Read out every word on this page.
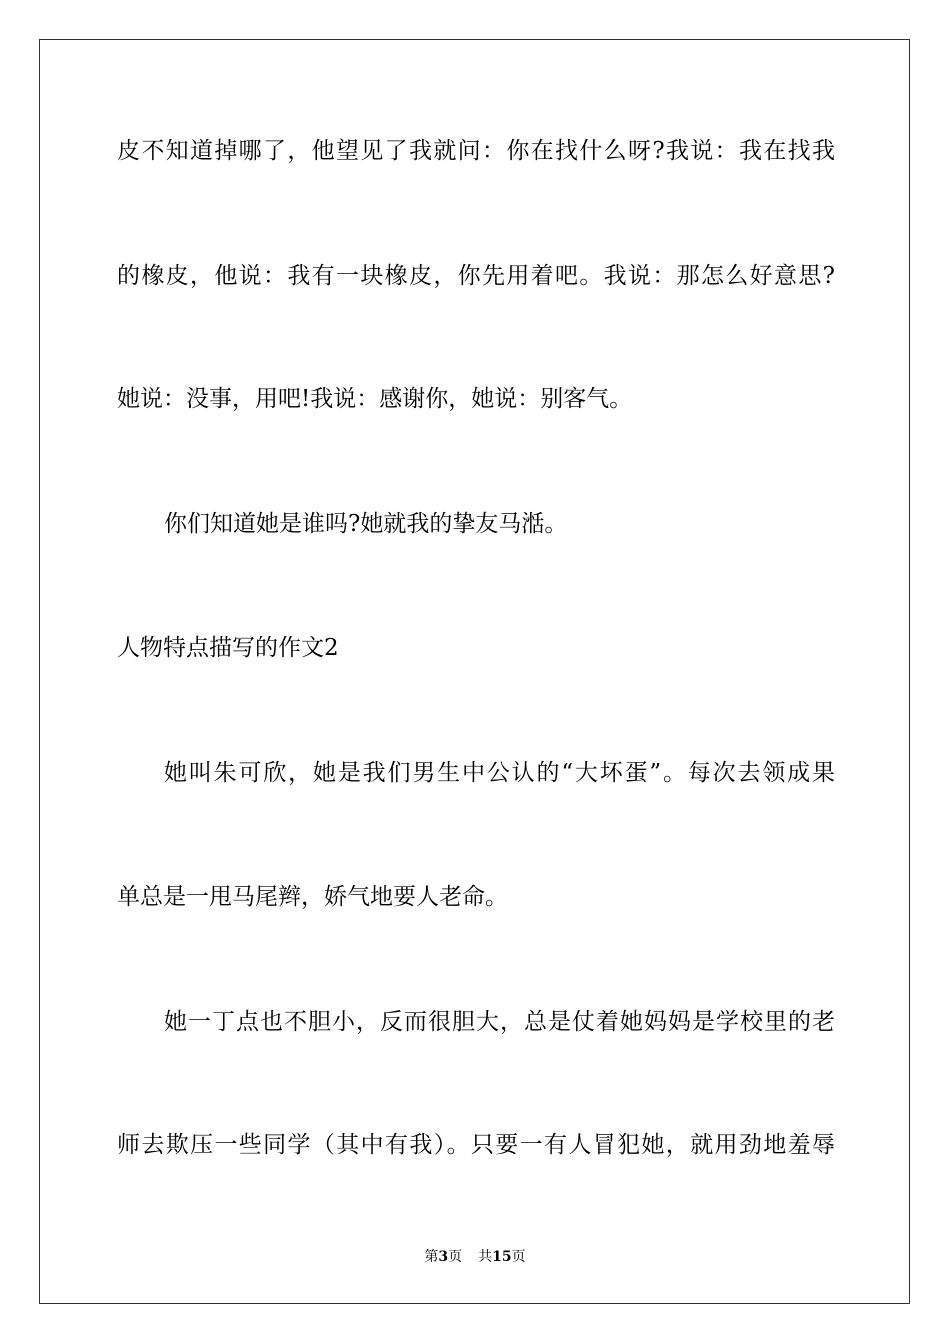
皮不知道掉哪了，他望见了我就问：你在找什么呀?我说：我在找我
的橡皮，他说：我有一块橡皮，你先用着吧。我说：那怎么好意思?
她说：没事，用吧!我说：感谢你，她说：别客气。
你们知道她是谁吗?她就我的挚友马湉。
人物特点描写的作文2
她叫朱可欣，她是我们男生中公认的“大坏蛋”。每次去领成果
单总是一甩马尾辫，娇气地要人老命。
她一丁点也不胆小，反而很胆大，总是仗着她妈妈是学校里的老
师去欺压一些同学（其中有我）。只要一有人冒犯她，就用劲地羞辱
第3页 共15页
